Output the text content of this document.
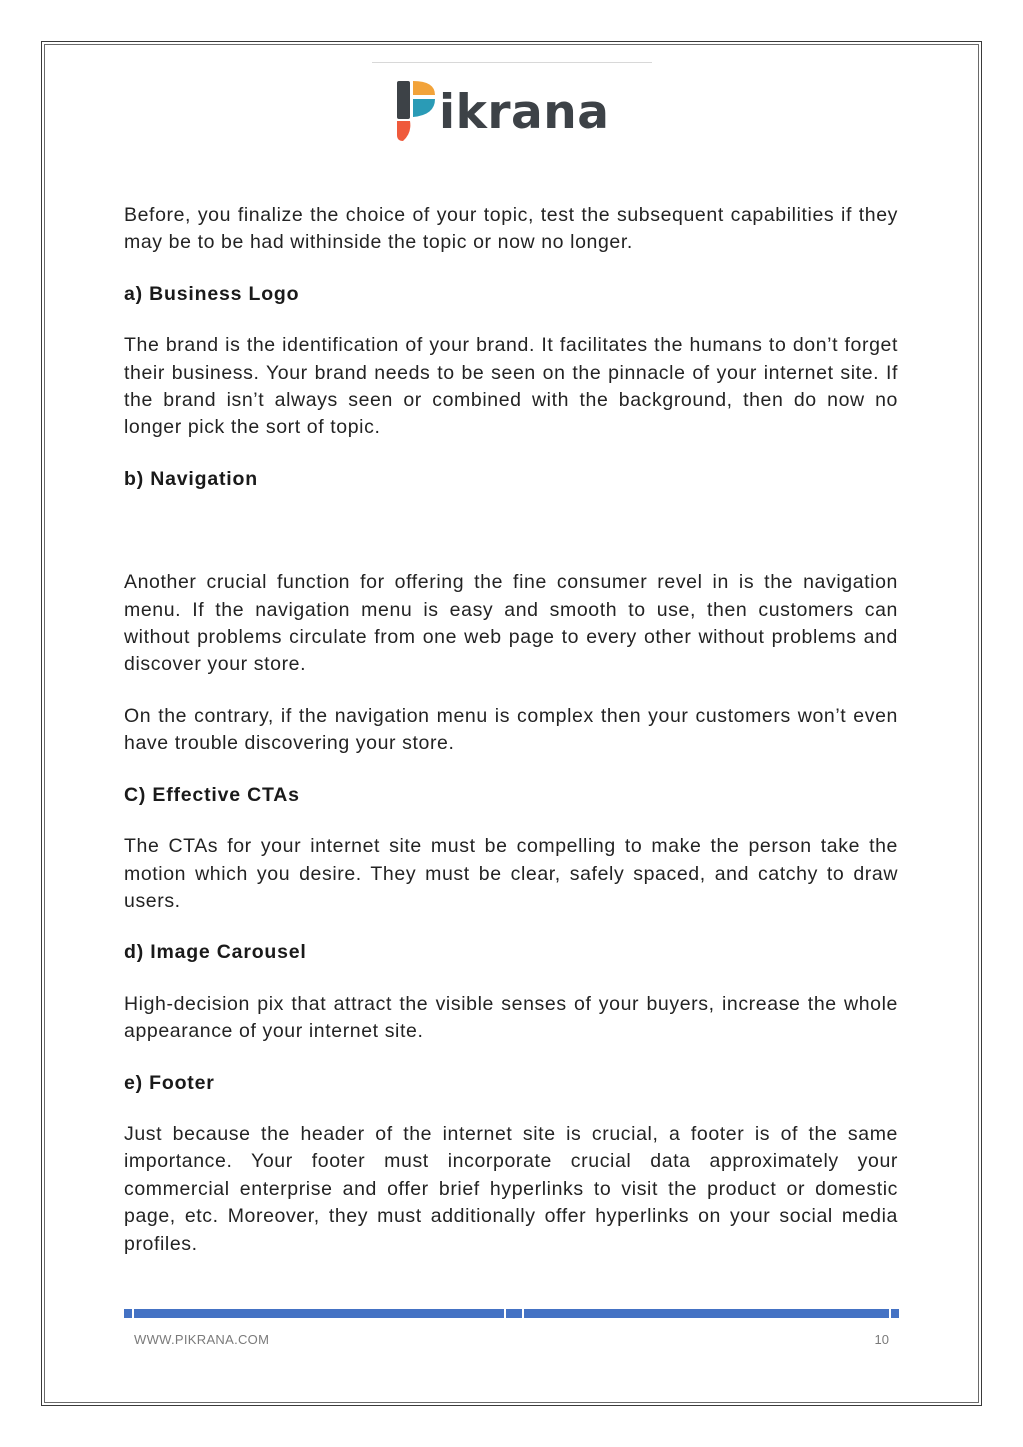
ikrana

Before, you finalize the choice of your topic, test the subsequent capabilities if they may be to be had withinside the topic or now no longer.

a) Business Logo

The brand is the identification of your brand. It facilitates the humans to don’t forget their business. Your brand needs to be seen on the pinnacle of your internet site. If the brand isn’t always seen or combined with the background, then do now no longer pick the sort of topic.

b) Navigation

Another crucial function for offering the fine consumer revel in is the navigation menu. If the navigation menu is easy and smooth to use, then customers can without problems circulate from one web page to every other without problems and discover your store.

On the contrary, if the navigation menu is complex then your customers won’t even have trouble discovering your store.

C) Effective CTAs

The CTAs for your internet site must be compelling to make the person take the motion which you desire. They must be clear, safely spaced, and catchy to draw users.

d) Image Carousel

High-decision pix that attract the visible senses of your buyers, increase the whole appearance of your internet site.

e) Footer

Just because the header of the internet site is crucial, a footer is of the same importance. Your footer must incorporate crucial data approximately your commercial enterprise and offer brief hyperlinks to visit the product or domestic page, etc. Moreover, they must additionally offer hyperlinks on your social media profiles.

WWW.PIKRANA.COM	10
